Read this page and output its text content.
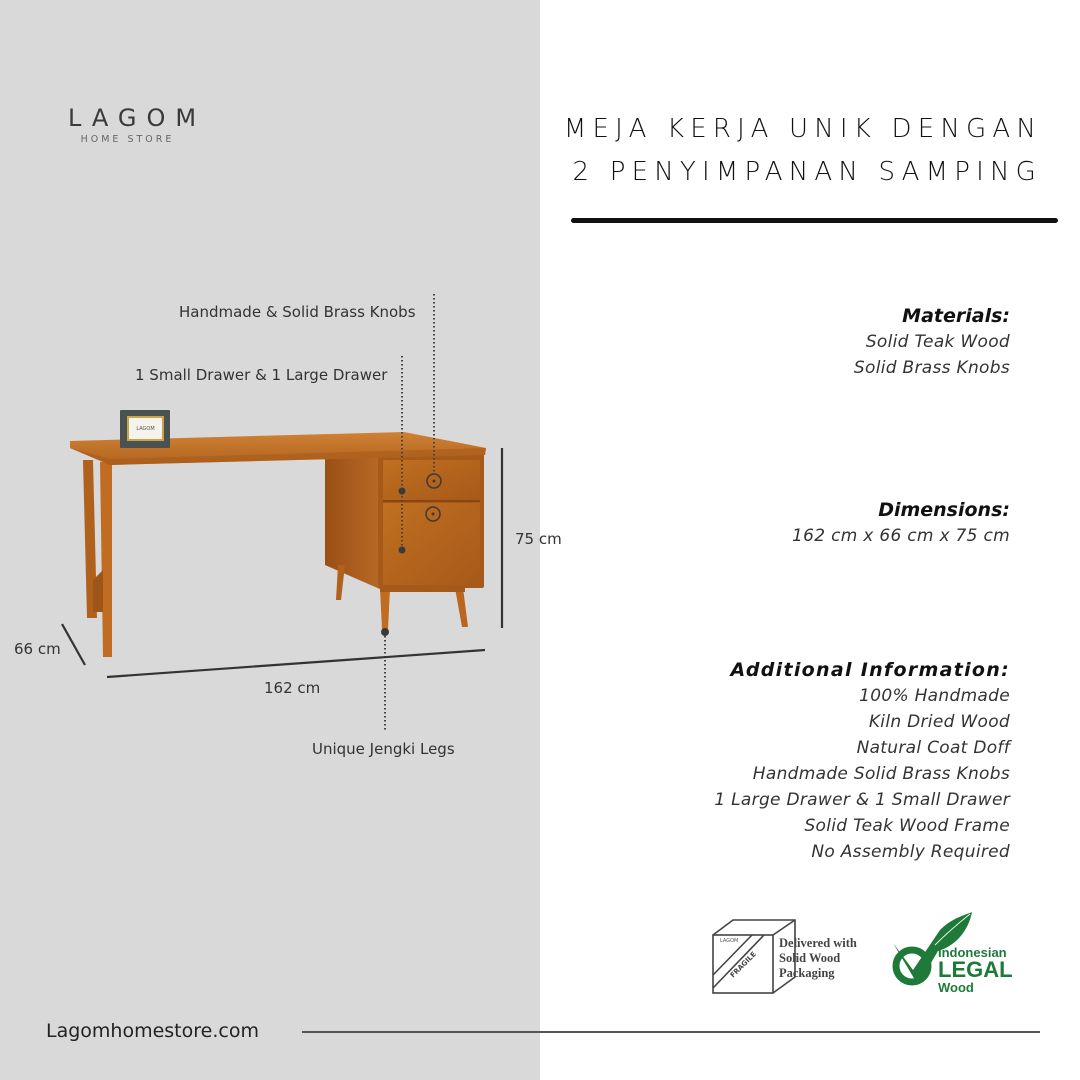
LAGOM
HOME STORE
LAGOM
LAGOM
FRAGILE
Handmade & Solid Brass Knobs
1 Small Drawer & 1 Large Drawer
Unique Jengki Legs
66 cm
162 cm
75 cm
MEJA KERJA UNIK DENGAN
2 PENYIMPANAN SAMPING
Materials:
Solid Teak Wood
Solid Brass Knobs
Dimensions:
162 cm x 66 cm x 75 cm
Additional Information:
100% Handmade
Kiln Dried Wood
Natural Coat Doff
Handmade Solid Brass Knobs
1 Large Drawer & 1 Small Drawer
Solid Teak Wood Frame
No Assembly Required
Delivered with
Solid Wood
Packaging
Indonesian
LEGAL
Wood
Lagomhomestore.com
